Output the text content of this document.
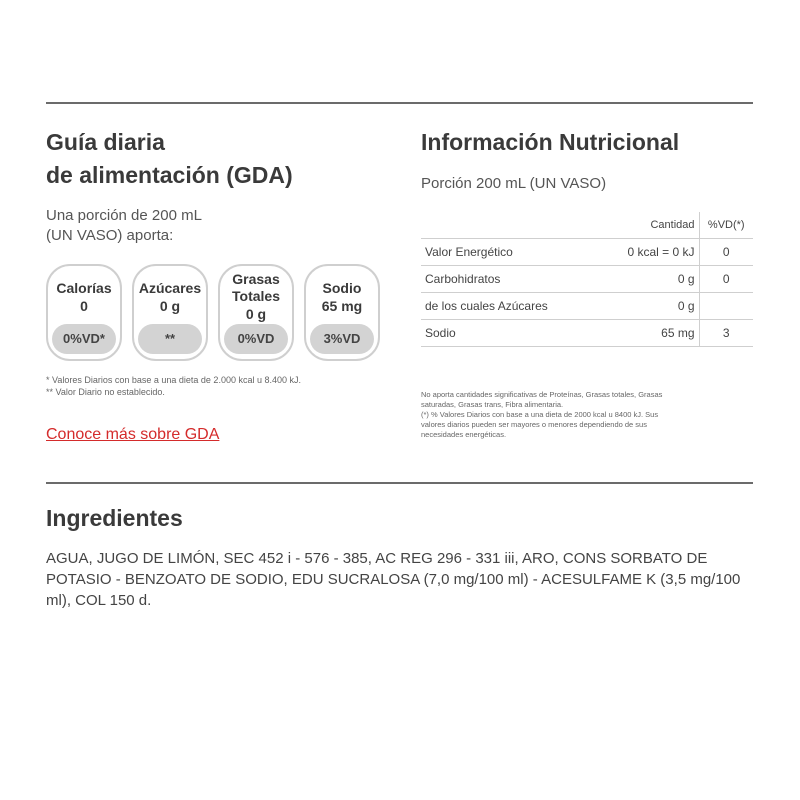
Guía diaria
de alimentación (GDA)
Una porción de 200 mL
(UN VASO) aporta:
Calorías
0
0%VD*
Azúcares
0 g
**
Grasas
Totales
0 g
0%VD
Sodio
65 mg
3%VD
* Valores Diarios con base a una dieta de 2.000 kcal u 8.400 kJ.
** Valor Diario no establecido.
Conoce más sobre GDA
Información Nutricional
Porción 200 mL (UN VASO)
	Cantidad	%VD(*)
Valor Energético	0 kcal = 0 kJ	0
Carbohidratos	0 g	0
de los cuales Azúcares	0 g	
Sodio	65 mg	3
No aporta cantidades significativas de Proteínas, Grasas totales, Grasas
saturadas, Grasas trans, Fibra alimentaria.
(*) % Valores Diarios con base a una dieta de 2000 kcal u 8400 kJ. Sus
valores diarios pueden ser mayores o menores dependiendo de sus
necesidades energéticas.
Ingredientes
AGUA, JUGO DE LIMÓN, SEC 452 i - 576 - 385, AC REG 296 - 331 iii, ARO, CONS SORBATO DE POTASIO - BENZOATO DE SODIO, EDU SUCRALOSA (7,0 mg/100 ml) - ACESULFAME K (3,5 mg/100 ml), COL 150 d.
